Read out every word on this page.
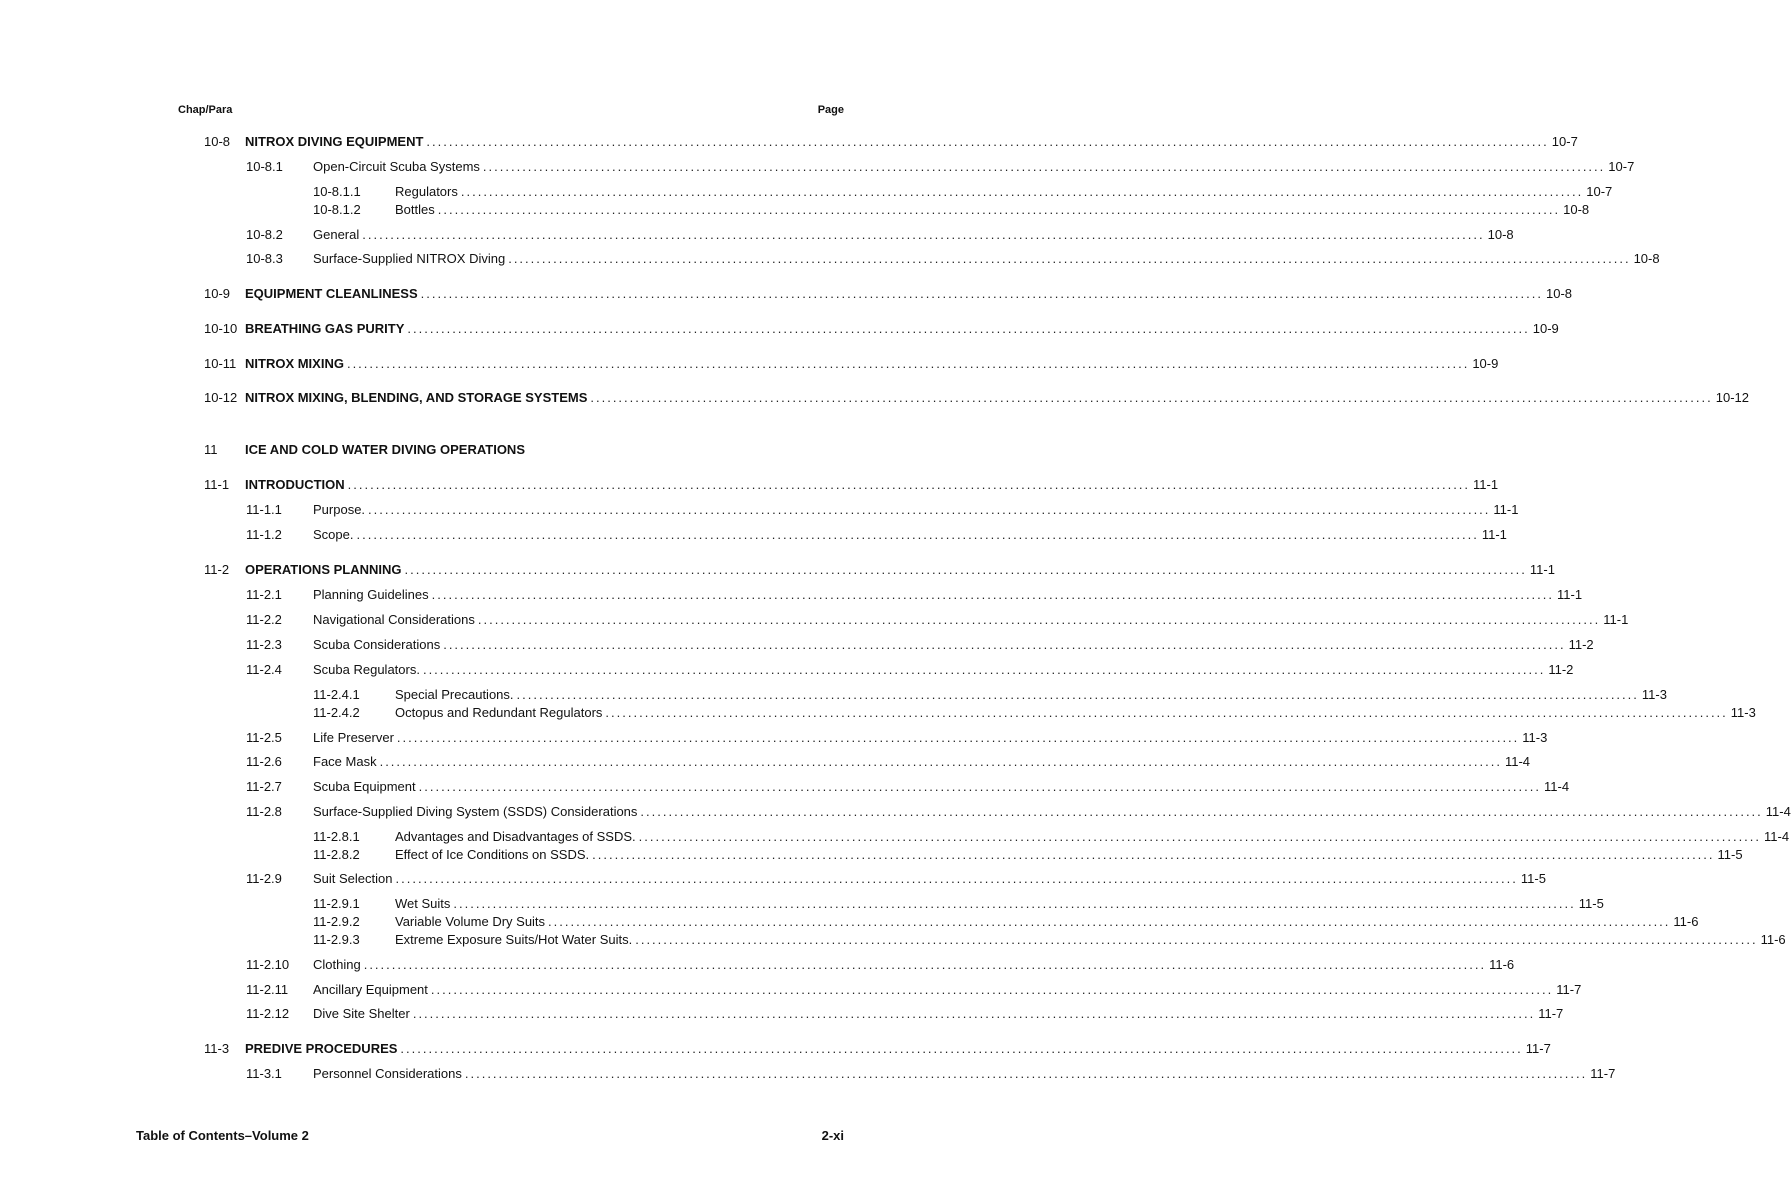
Chap/Para	Page
10-8	NITROX DIVING EQUIPMENT ........................................................................................................................................................................................................ 10-7
10-8.1	Open-Circuit Scuba Systems ........................................................................................................................................................................................................ 10-7
10-8.1.1	Regulators ........................................................................................................................................................................................................ 10-7
10-8.1.2	Bottles ........................................................................................................................................................................................................ 10-8
10-8.2	General ........................................................................................................................................................................................................ 10-8
10-8.3	Surface-Supplied NITROX Diving ........................................................................................................................................................................................................ 10-8
10-9	EQUIPMENT CLEANLINESS ........................................................................................................................................................................................................ 10-8
10-10 BREATHING GAS PURITY ........................................................................................................................................................................................................ 10-9
10-11 NITROX MIXING ........................................................................................................................................................................................................ 10-9
10-12 NITROX MIXING, BLENDING, AND STORAGE SYSTEMS ........................................................................................................................................................................................................ 10-12
11	ICE AND COLD WATER DIVING OPERATIONS
11-1	INTRODUCTION ........................................................................................................................................................................................................ 11-1
11-1.1	Purpose. ........................................................................................................................................................................................................ 11-1
11-1.2	Scope. ........................................................................................................................................................................................................ 11-1
11-2	OPERATIONS PLANNING ........................................................................................................................................................................................................ 11-1
11-2.1	Planning Guidelines ........................................................................................................................................................................................................ 11-1
11-2.2	Navigational Considerations ........................................................................................................................................................................................................ 11-1
11-2.3	Scuba Considerations ........................................................................................................................................................................................................ 11-2
11-2.4	Scuba Regulators. ........................................................................................................................................................................................................ 11-2
11-2.4.1	Special Precautions. ........................................................................................................................................................................................................ 11-3
11-2.4.2	Octopus and Redundant Regulators ........................................................................................................................................................................................................ 11-3
11-2.5	Life Preserver ........................................................................................................................................................................................................ 11-3
11-2.6	Face Mask ........................................................................................................................................................................................................ 11-4
11-2.7	Scuba Equipment ........................................................................................................................................................................................................ 11-4
11-2.8	Surface-Supplied Diving System (SSDS) Considerations ........................................................................................................................................................................................................ 11-4
11-2.8.1	Advantages and Disadvantages of SSDS. ........................................................................................................................................................................................................ 11-4
11-2.8.2	Effect of Ice Conditions on SSDS. ........................................................................................................................................................................................................ 11-5
11-2.9	Suit Selection ........................................................................................................................................................................................................ 11-5
11-2.9.1	Wet Suits ........................................................................................................................................................................................................ 11-5
11-2.9.2	Variable Volume Dry Suits ........................................................................................................................................................................................................ 11-6
11-2.9.3	Extreme Exposure Suits/Hot Water Suits. ........................................................................................................................................................................................................ 11-6
11-2.10	Clothing ........................................................................................................................................................................................................ 11-6
11-2.11	Ancillary Equipment ........................................................................................................................................................................................................ 11-7
11-2.12	Dive Site Shelter ........................................................................................................................................................................................................ 11-7
11-3	PREDIVE PROCEDURES ........................................................................................................................................................................................................ 11-7
11-3.1	Personnel Considerations ........................................................................................................................................................................................................ 11-7
Table of Contents–Volume 2	2-xi
